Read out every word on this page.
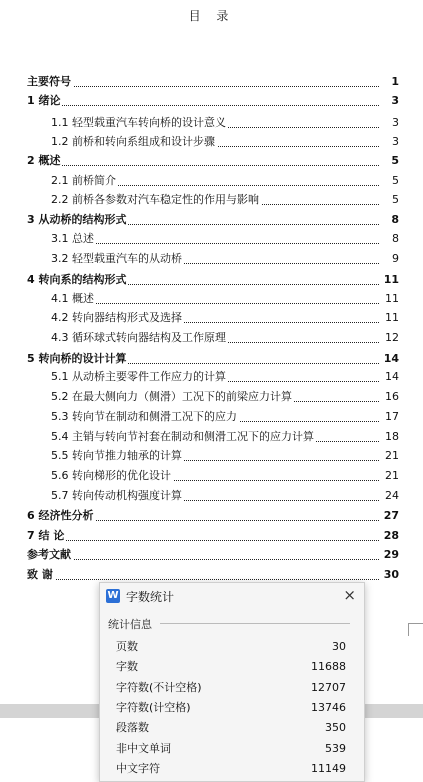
目 录
主要符号	1
1 绪论	3
1.1 轻型载重汽车转向桥的设计意义	3
1.2 前桥和转向系组成和设计步骤	3
2 概述	5
2.1 前桥简介	5
2.2 前桥各参数对汽车稳定性的作用与影响	5
3 从动桥的结构形式	8
3.1 总述	8
3.2 轻型载重汽车的从动桥	9
4 转向系的结构形式	11
4.1 概述	11
4.2 转向器结构形式及选择	11
4.3 循环球式转向器结构及工作原理	12
5 转向桥的设计计算	14
5.1 从动桥主要零件工作应力的计算	14
5.2 在最大侧向力（侧滑）工况下的前梁应力计算	16
5.3 转向节在制动和侧滑工况下的应力	17
5.4 主销与转向节衬套在制动和侧滑工况下的应力计算	18
5.5 转向节推力轴承的计算	21
5.6 转向梯形的优化设计	21
5.7 转向传动机构强度计算	24
6 经济性分析	27
7 结 论	28
参考文献	29
致 谢	30
W 字数统计	×
统计信息
页数	30
字数	11688
字符数(不计空格)	12707
字符数(计空格)	13746
段落数	350
非中文单词	539
中文字符	11149
